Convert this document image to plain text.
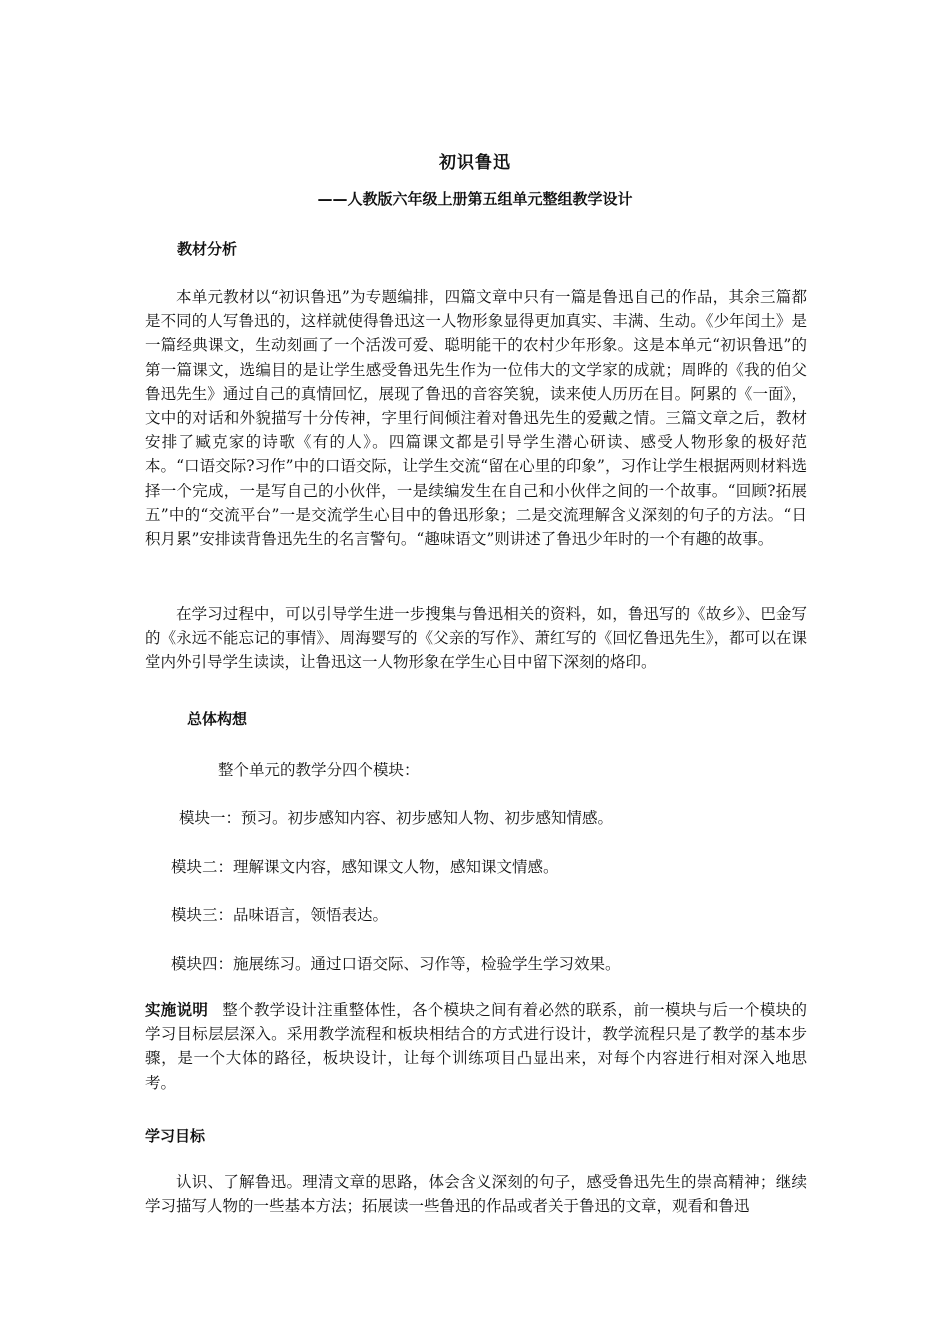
初识鲁迅
——人教版六年级上册第五组单元整组教学设计
教材分析

本单元教材以“初识鲁迅”为专题编排，四篇文章中只有一篇是鲁迅自己的作品，其余三篇都是不同的人写鲁迅的，这样就使得鲁迅这一人物形象显得更加真实、丰满、生动。《少年闰土》是一篇经典课文，生动刻画了一个活泼可爱、聪明能干的农村少年形象。这是本单元“初识鲁迅”的第一篇课文，选编目的是让学生感受鲁迅先生作为一位伟大的文学家的成就；周晔的《我的伯父鲁迅先生》通过自己的真情回忆，展现了鲁迅的音容笑貌，读来使人历历在目。阿累的《一面》，文中的对话和外貌描写十分传神，字里行间倾注着对鲁迅先生的爱戴之情。三篇文章之后，教材安排了臧克家的诗歌《有的人》。四篇课文都是引导学生潜心研读、感受人物形象的极好范本。“口语交际?习作”中的口语交际，让学生交流“留在心里的印象”，习作让学生根据两则材料选择一个完成，一是写自己的小伙伴，一是续编发生在自己和小伙伴之间的一个故事。“回顾?拓展五”中的“交流平台”一是交流学生心目中的鲁迅形象；二是交流理解含义深刻的句子的方法。“日积月累”安排读背鲁迅先生的名言警句。“趣味语文”则讲述了鲁迅少年时的一个有趣的故事。

在学习过程中，可以引导学生进一步搜集与鲁迅相关的资料，如，鲁迅写的《故乡》、巴金写的《永远不能忘记的事情》、周海婴写的《父亲的写作》、萧红写的《回忆鲁迅先生》，都可以在课堂内外引导学生读读，让鲁迅这一人物形象在学生心目中留下深刻的烙印。

总体构想

整个单元的教学分四个模块：

模块一：预习。初步感知内容、初步感知人物、初步感知情感。

模块二：理解课文内容，感知课文人物，感知课文情感。

模块三：品味语言，领悟表达。

模块四：施展练习。通过口语交际、习作等，检验学生学习效果。

实施说明 整个教学设计注重整体性，各个模块之间有着必然的联系，前一模块与后一个模块的学习目标层层深入。采用教学流程和板块相结合的方式进行设计，教学流程只是了教学的基本步骤，是一个大体的路径，板块设计，让每个训练项目凸显出来，对每个内容进行相对深入地思考。

学习目标

认识、了解鲁迅。理清文章的思路，体会含义深刻的句子，感受鲁迅先生的崇高精神；继续学习描写人物的一些基本方法；拓展读一些鲁迅的作品或者关于鲁迅的文章，观看和鲁迅
